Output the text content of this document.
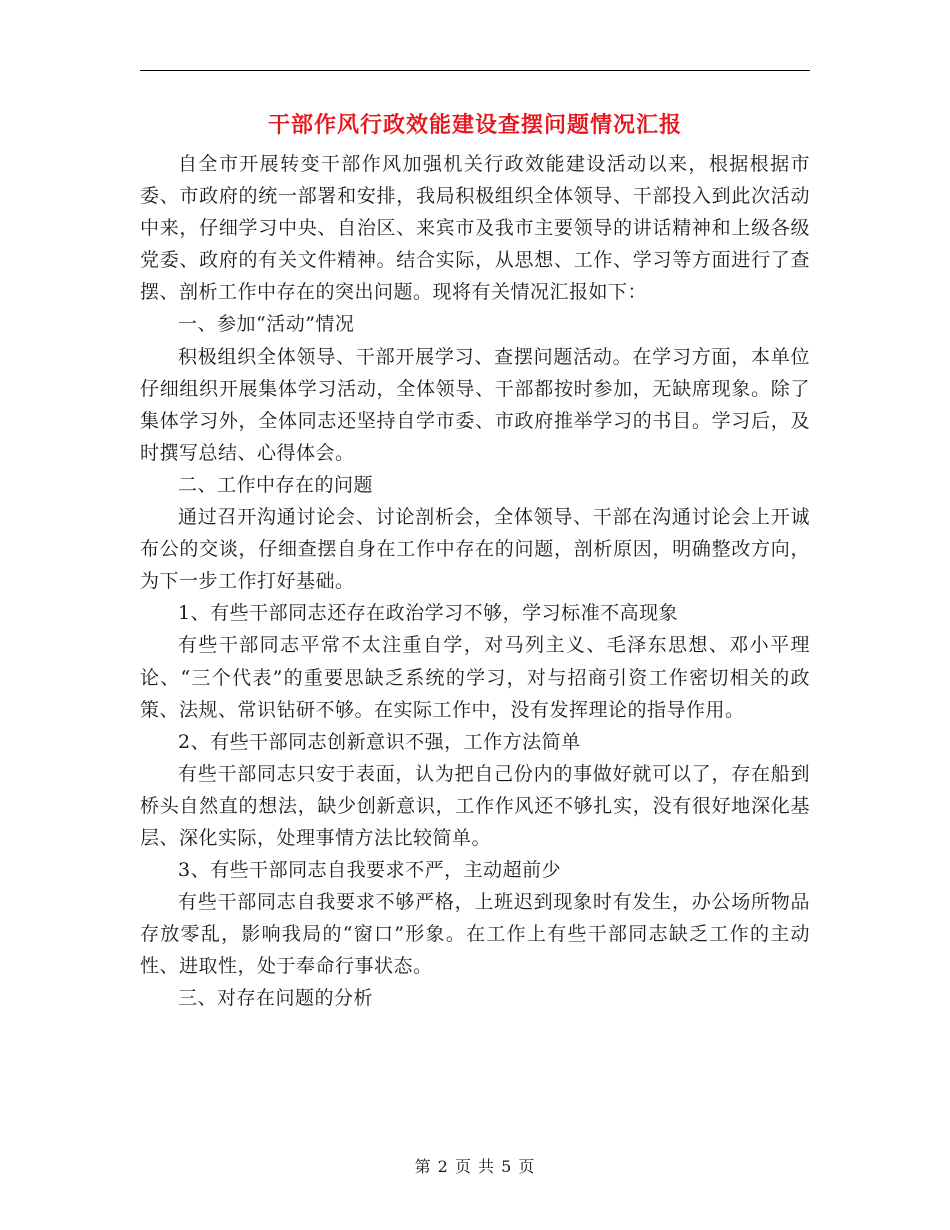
干部作风行政效能建设查摆问题情况汇报

自全市开展转变干部作风加强机关行政效能建设活动以来，根据根据市委、市政府的统一部署和安排，我局积极组织全体领导、干部投入到此次活动中来，仔细学习中央、自治区、来宾市及我市主要领导的讲话精神和上级各级党委、政府的有关文件精神。结合实际，从思想、工作、学习等方面进行了查摆、剖析工作中存在的突出问题。现将有关情况汇报如下：

一、参加“活动”情况

积极组织全体领导、干部开展学习、查摆问题活动。在学习方面，本单位仔细组织开展集体学习活动，全体领导、干部都按时参加，无缺席现象。除了集体学习外，全体同志还坚持自学市委、市政府推举学习的书目。学习后，及时撰写总结、心得体会。

二、工作中存在的问题

通过召开沟通讨论会、讨论剖析会，全体领导、干部在沟通讨论会上开诚布公的交谈，仔细查摆自身在工作中存在的问题，剖析原因，明确整改方向，为下一步工作打好基础。

1、有些干部同志还存在政治学习不够，学习标准不高现象

有些干部同志平常不太注重自学，对马列主义、毛泽东思想、邓小平理论、“三个代表”的重要思缺乏系统的学习，对与招商引资工作密切相关的政策、法规、常识钻研不够。在实际工作中，没有发挥理论的指导作用。

2、有些干部同志创新意识不强，工作方法简单

有些干部同志只安于表面，认为把自己份内的事做好就可以了，存在船到桥头自然直的想法，缺少创新意识，工作作风还不够扎实，没有很好地深化基层、深化实际，处理事情方法比较简单。

3、有些干部同志自我要求不严，主动超前少

有些干部同志自我要求不够严格，上班迟到现象时有发生，办公场所物品存放零乱，影响我局的“窗口”形象。在工作上有些干部同志缺乏工作的主动性、进取性，处于奉命行事状态。

三、对存在问题的分析

第 2 页 共 5 页
